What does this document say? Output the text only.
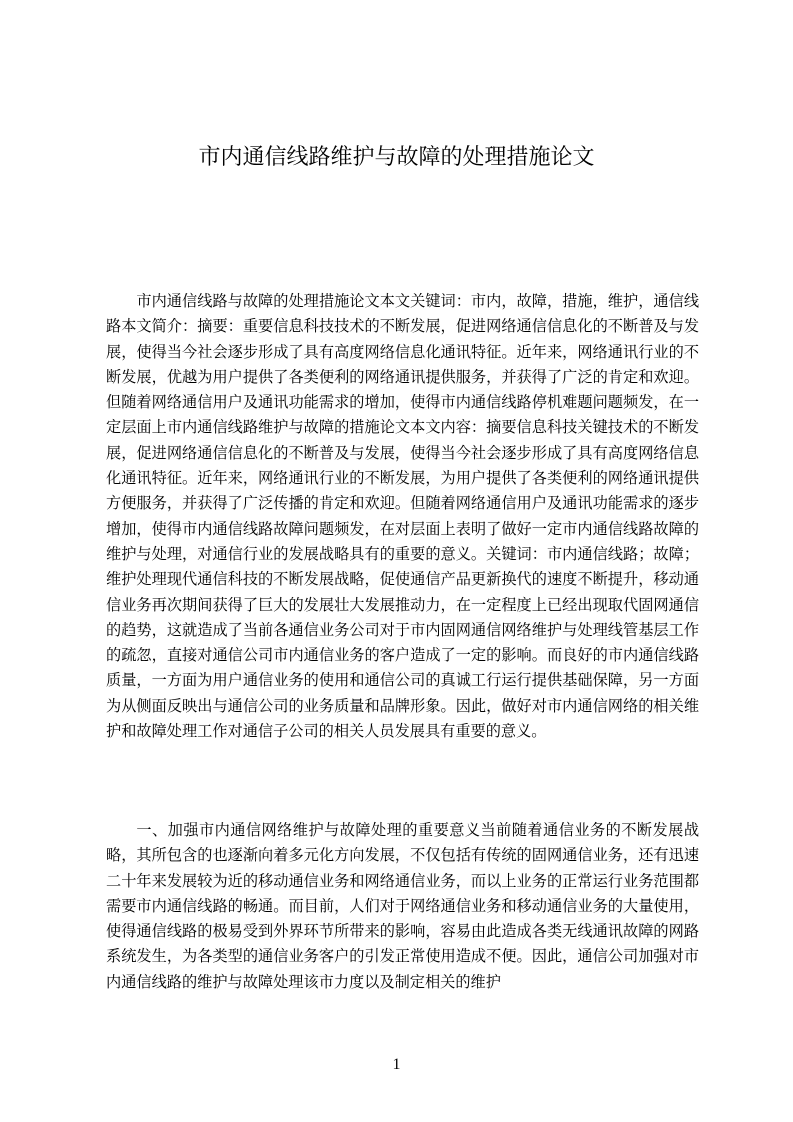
市内通信线路维护与故障的处理措施论文

市内通信线路与故障的处理措施论文本文关键词：市内，故障，措施，维护，通信线路本文简介：摘要：重要信息科技技术的不断发展，促进网络通信信息化的不断普及与发展，使得当今社会逐步形成了具有高度网络信息化通讯特征。近年来，网络通讯行业的不断发展，优越为用户提供了各类便利的网络通讯提供服务，并获得了广泛的肯定和欢迎。但随着网络通信用户及通讯功能需求的增加，使得市内通信线路停机难题问题频发，在一定层面上市内通信线路维护与故障的措施论文本文内容：摘要信息科技关键技术的不断发展，促进网络通信信息化的不断普及与发展，使得当今社会逐步形成了具有高度网络信息化通讯特征。近年来，网络通讯行业的不断发展，为用户提供了各类便利的网络通讯提供方便服务，并获得了广泛传播的肯定和欢迎。但随着网络通信用户及通讯功能需求的逐步增加，使得市内通信线路故障问题频发，在对层面上表明了做好一定市内通信线路故障的维护与处理，对通信行业的发展战略具有的重要的意义。关键词：市内通信线路；故障；维护处理现代通信科技的不断发展战略，促使通信产品更新换代的速度不断提升，移动通信业务再次期间获得了巨大的发展壮大发展推动力，在一定程度上已经出现取代固网通信的趋势，这就造成了当前各通信业务公司对于市内固网通信网络维护与处理线管基层工作的疏忽，直接对通信公司市内通信业务的客户造成了一定的影响。而良好的市内通信线路质量，一方面为用户通信业务的使用和通信公司的真诚工行运行提供基础保障，另一方面为从侧面反映出与通信公司的业务质量和品牌形象。因此，做好对市内通信网络的相关维护和故障处理工作对通信子公司的相关人员发展具有重要的意义。

一、加强市内通信网络维护与故障处理的重要意义当前随着通信业务的不断发展战略，其所包含的也逐渐向着多元化方向发展，不仅包括有传统的固网通信业务，还有迅速二十年来发展较为近的移动通信业务和网络通信业务，而以上业务的正常运行业务范围都需要市内通信线路的畅通。而目前，人们对于网络通信业务和移动通信业务的大量使用，使得通信线路的极易受到外界环节所带来的影响，容易由此造成各类无线通讯故障的网路系统发生，为各类型的通信业务客户的引发正常使用造成不便。因此，通信公司加强对市内通信线路的维护与故障处理该市力度以及制定相关的维护

1
